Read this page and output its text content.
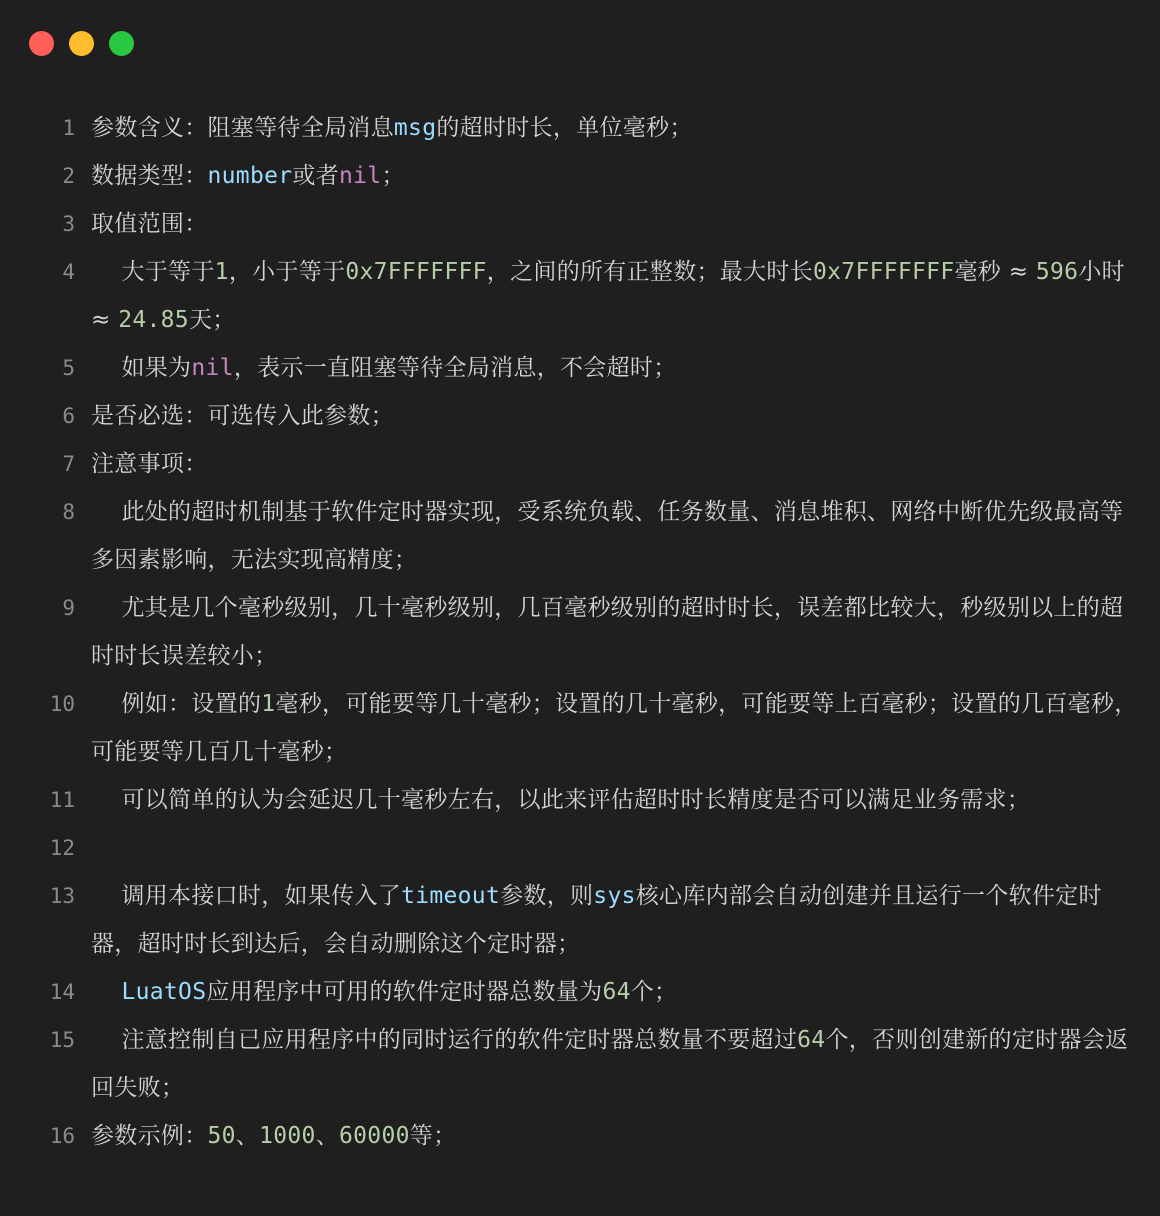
1 参数含义：阻塞等待全局消息msg的超时时长，单位毫秒；
2 数据类型：number或者nil；
3 取值范围：
4 大于等于1，小于等于0x7FFFFFFF，之间的所有正整数；最大时长0x7FFFFFFF毫秒 ≈ 596小时 ≈ 24.85天；
5 如果为nil，表示一直阻塞等待全局消息，不会超时；
6 是否必选：可选传入此参数；
7 注意事项：
8 此处的超时机制基于软件定时器实现，受系统负载、任务数量、消息堆积、网络中断优先级最高等多因素影响，无法实现高精度；
9 尤其是几个毫秒级别，几十毫秒级别，几百毫秒级别的超时时长，误差都比较大，秒级别以上的超时时长误差较小；
10 例如：设置的1毫秒，可能要等几十毫秒；设置的几十毫秒，可能要等上百毫秒；设置的几百毫秒，可能要等几百几十毫秒；
11 可以简单的认为会延迟几十毫秒左右，以此来评估超时时长精度是否可以满足业务需求；
12
13 调用本接口时，如果传入了timeout参数，则sys核心库内部会自动创建并且运行一个软件定时器，超时时长到达后，会自动删除这个定时器；
14	LuatOS应用程序中可用的软件定时器总数量为64个；
15 注意控制自已应用程序中的同时运行的软件定时器总数量不要超过64个，否则创建新的定时器会返回失败；
16 参数示例：50、1000、60000等；
